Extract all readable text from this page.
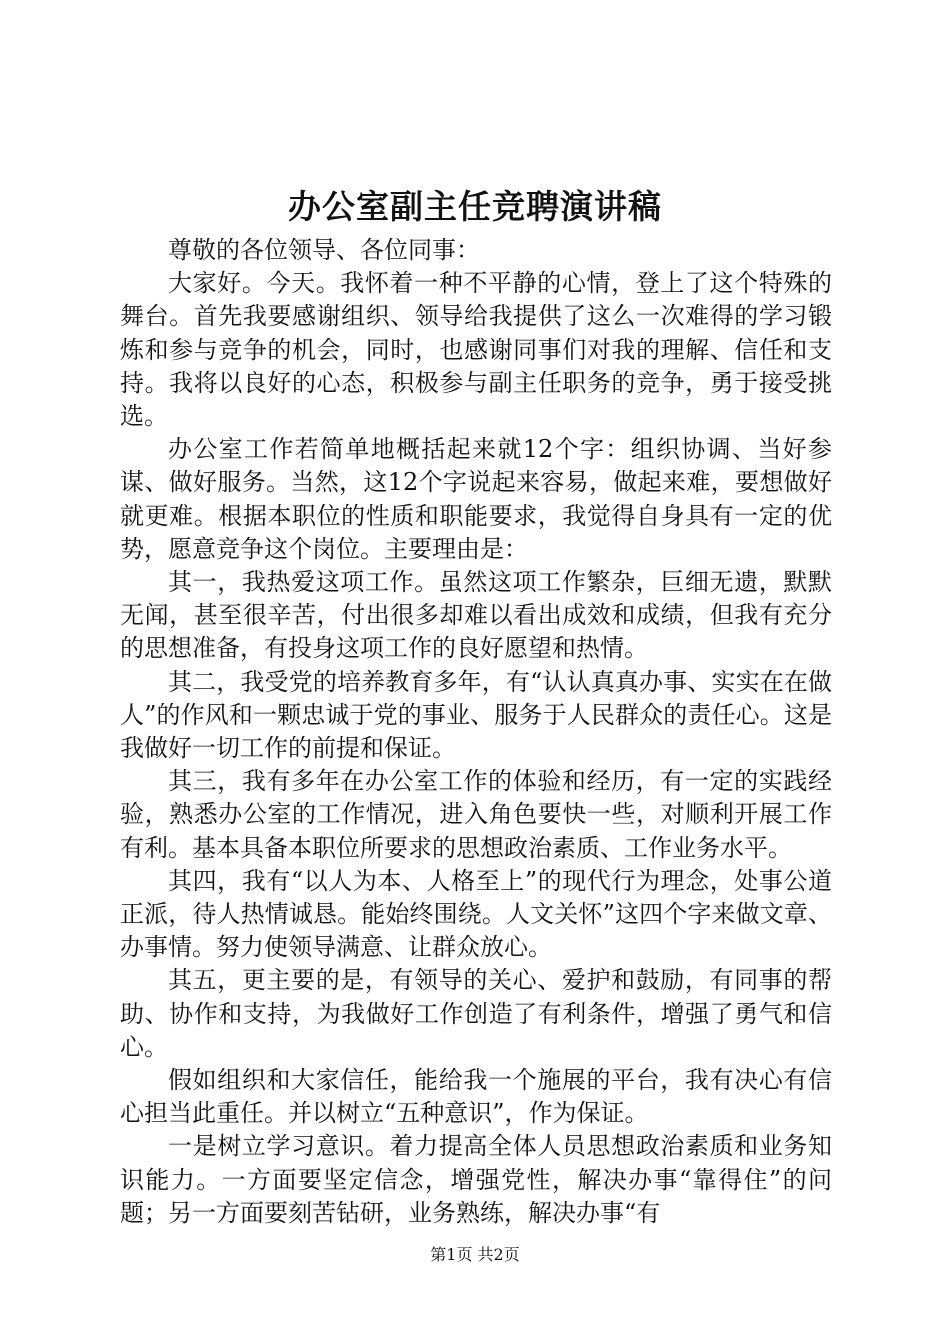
办公室副主任竞聘演讲稿

尊敬的各位领导、各位同事：

大家好。今天。我怀着一种不平静的心情，登上了这个特殊的舞台。首先我要感谢组织、领导给我提供了这么一次难得的学习锻炼和参与竞争的机会，同时，也感谢同事们对我的理解、信任和支持。我将以良好的心态，积极参与副主任职务的竞争，勇于接受挑选。

办公室工作若简单地概括起来就12个字：组织协调、当好参谋、做好服务。当然，这12个字说起来容易，做起来难，要想做好就更难。根据本职位的性质和职能要求，我觉得自身具有一定的优势，愿意竞争这个岗位。主要理由是：

其一，我热爱这项工作。虽然这项工作繁杂，巨细无遗，默默无闻，甚至很辛苦，付出很多却难以看出成效和成绩，但我有充分的思想准备，有投身这项工作的良好愿望和热情。

其二，我受党的培养教育多年，有“认认真真办事、实实在在做人”的作风和一颗忠诚于党的事业、服务于人民群众的责任心。这是我做好一切工作的前提和保证。

其三，我有多年在办公室工作的体验和经历，有一定的实践经验，熟悉办公室的工作情况，进入角色要快一些，对顺利开展工作有利。基本具备本职位所要求的思想政治素质、工作业务水平。

其四，我有“以人为本、人格至上”的现代行为理念，处事公道正派，待人热情诚恳。能始终围绕。人文关怀”这四个字来做文章、办事情。努力使领导满意、让群众放心。

其五，更主要的是，有领导的关心、爱护和鼓励，有同事的帮助、协作和支持，为我做好工作创造了有利条件，增强了勇气和信心。

假如组织和大家信任，能给我一个施展的平台，我有决心有信心担当此重任。并以树立“五种意识”，作为保证。

一是树立学习意识。着力提高全体人员思想政治素质和业务知识能力。一方面要坚定信念，增强党性，解决办事“靠得住”的问题；另一方面要刻苦钻研，业务熟练，解决办事“有

第1页 共2页
